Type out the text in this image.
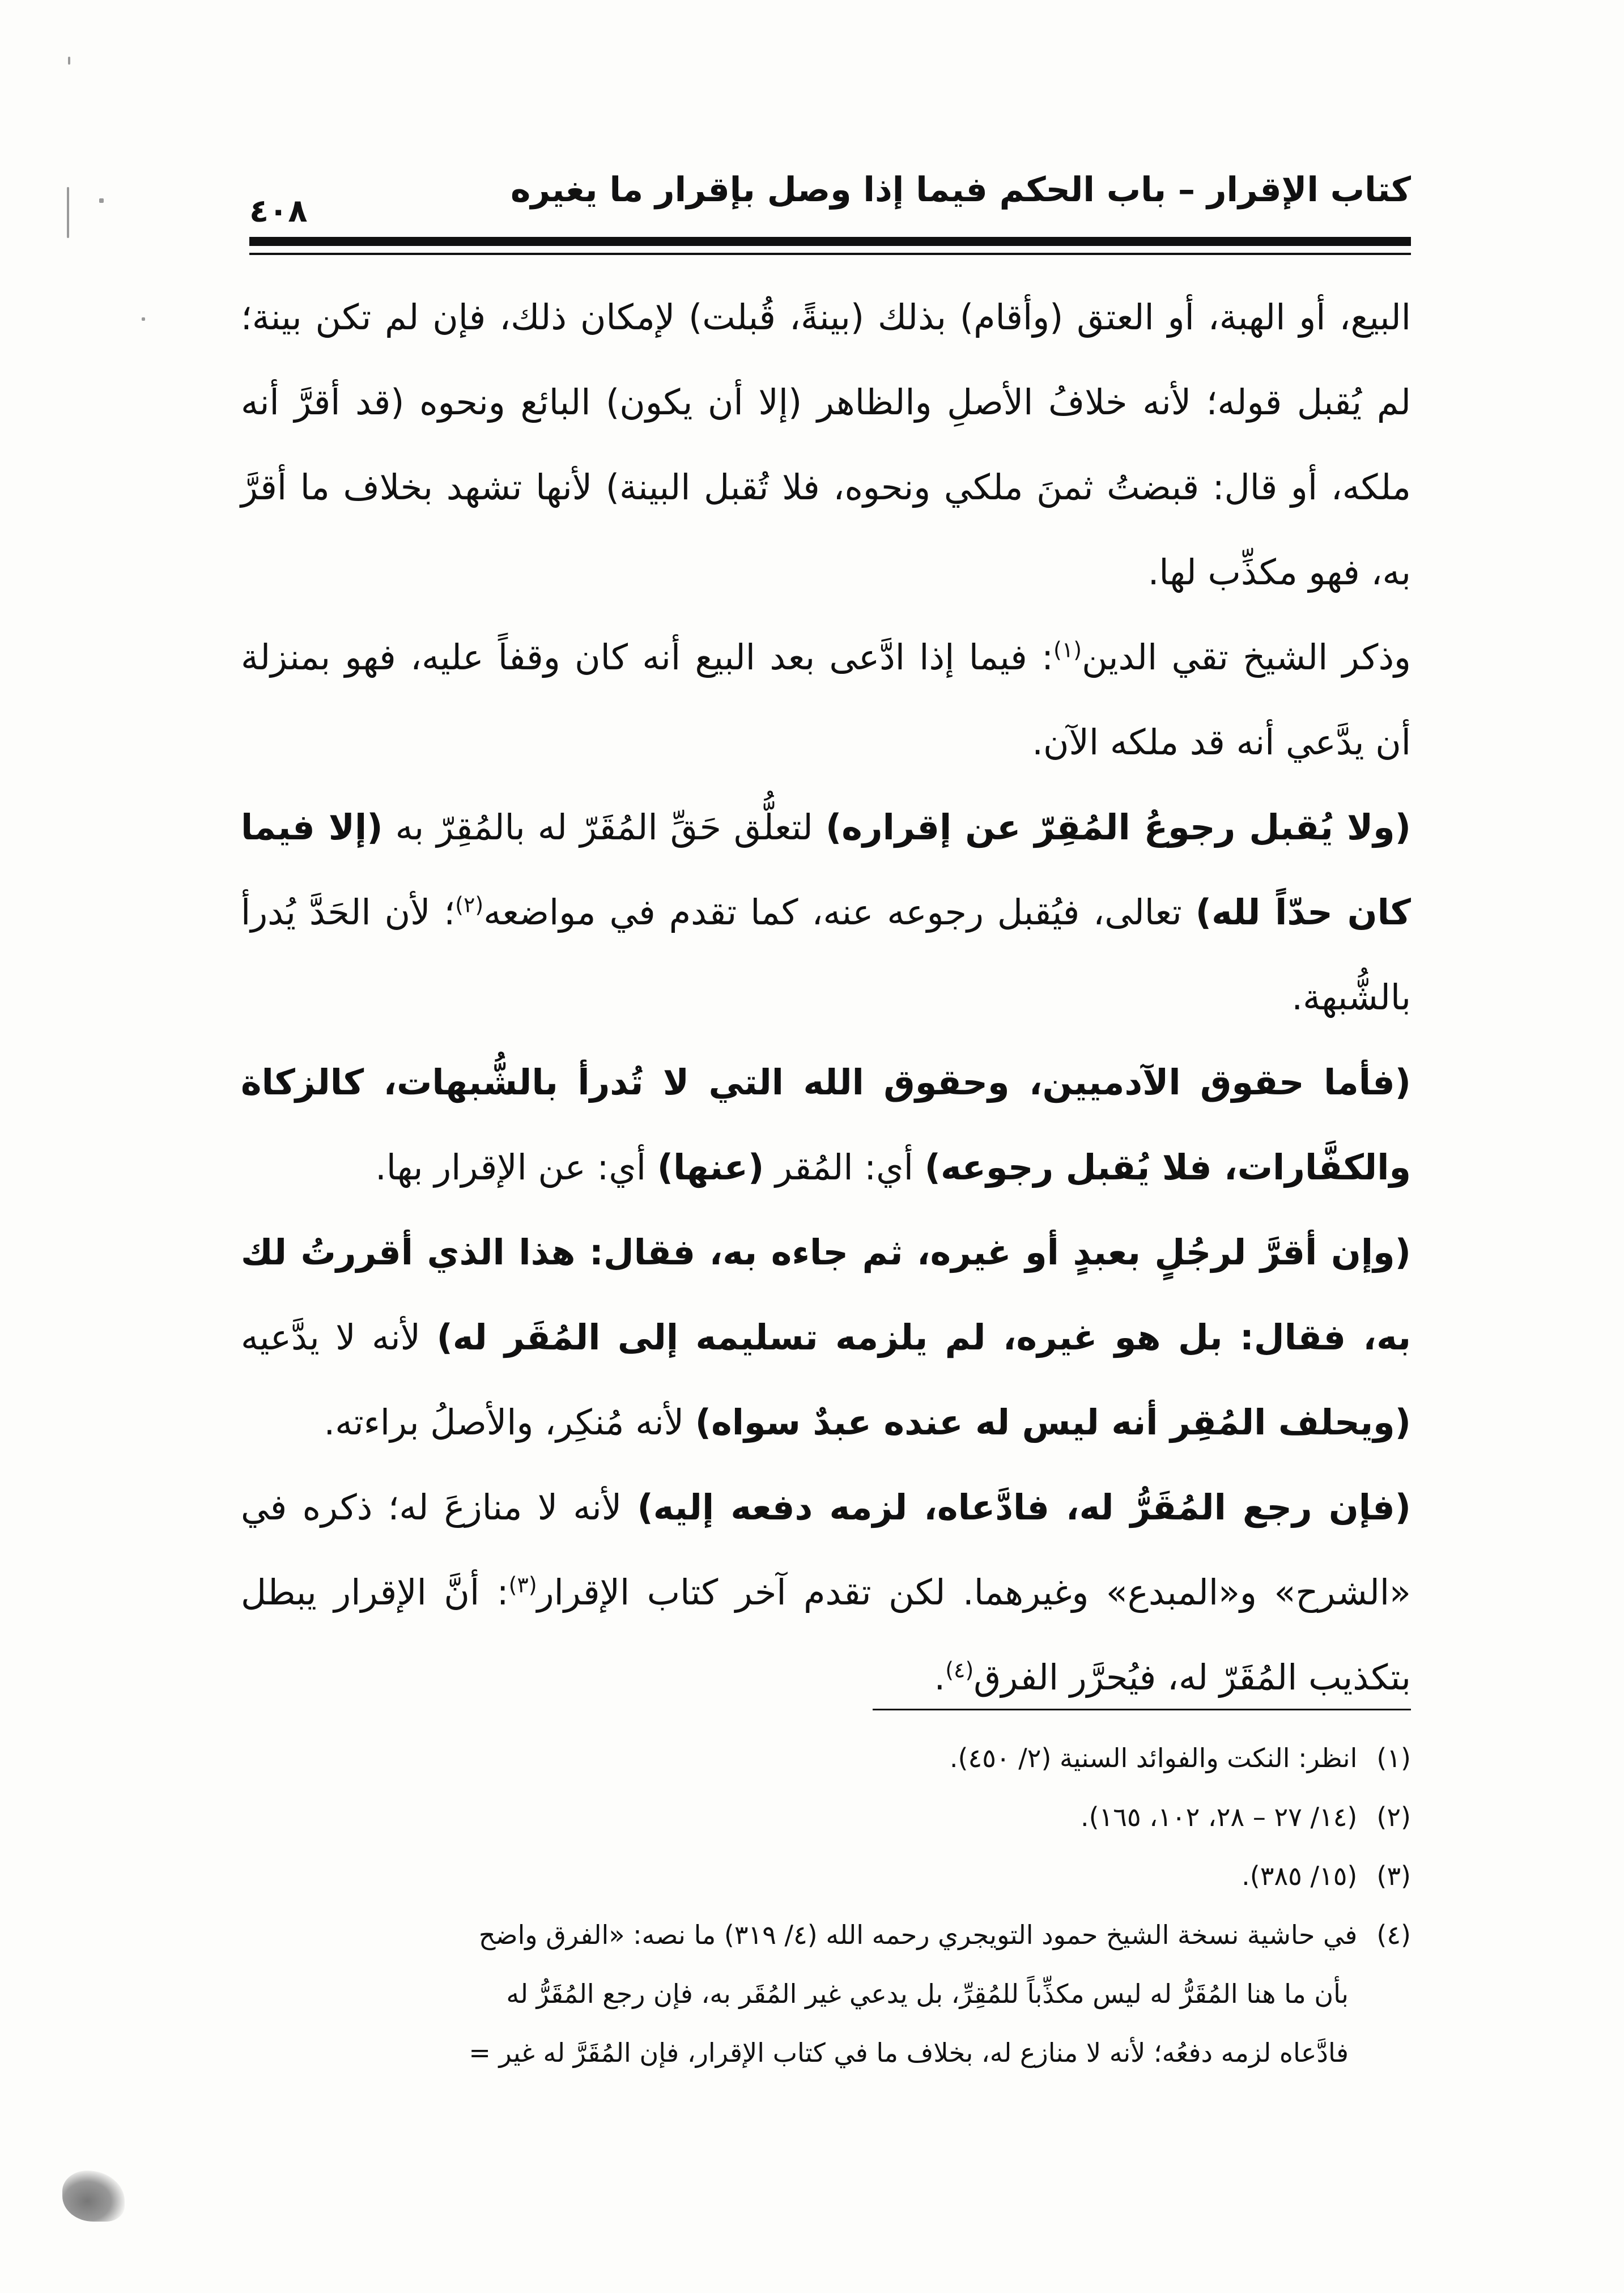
٤٠٨
كتاب الإقرار – باب الحكم فيما إذا وصل بإقرار ما يغيره

البيع، أو الهبة، أو العتق (وأقام) بذلك (بينةً، قُبلت) لإمكان ذلك، فإن لم تكن بينة؛ لم يُقبل قوله؛ لأنه خلافُ الأصلِ والظاهر (إلا أن يكون) البائع ونحوه (قد أقرَّ أنه ملكه، أو قال: قبضتُ ثمنَ ملكي ونحوه، فلا تُقبل البينة) لأنها تشهد بخلاف ما أقرَّ به، فهو مكذِّب لها.

وذكر الشيخ تقي الدين$^{(١)}$: فيما إذا ادَّعى بعد البيع أنه كان وقفاً عليه، فهو بمنزلة أن يدَّعي أنه قد ملكه الآن.

(ولا يُقبل رجوعُ المُقِرّ عن إقراره) لتعلُّق حَقِّ المُقَرّ له بالمُقِرّ به (إلا فيما كان حدّاً لله) تعالى، فيُقبل رجوعه عنه، كما تقدم في مواضعه$^{(٢)}$؛ لأن الحَدَّ يُدرأ بالشُّبهة.

(فأما حقوق الآدميين، وحقوق الله التي لا تُدرأ بالشُّبهات، كالزكاة والكفَّارات، فلا يُقبل رجوعه) أي: المُقر (عنها) أي: عن الإقرار بها.

(وإن أقرَّ لرجُلٍ بعبدٍ أو غيره، ثم جاءه به، فقال: هذا الذي أقررتُ لك به، فقال: بل هو غيره، لم يلزمه تسليمه إلى المُقَر له) لأنه لا يدَّعيه (ويحلف المُقِر أنه ليس له عنده عبدٌ سواه) لأنه مُنكِر، والأصلُ براءته.

(فإن رجع المُقَرُّ له، فادَّعاه، لزمه دفعه إليه) لأنه لا منازعَ له؛ ذكره في «الشرح» و«المبدع» وغيرهما. لكن تقدم آخر كتاب الإقرار$^{(٣)}$: أنَّ الإقرار يبطل بتكذيب المُقَرّ له، فيُحرَّر الفرق$^{(٤)}$.

(١) انظر: النكت والفوائد السنية (٢/ ٤٥٠).

(٢) (١٤/ ٢٧ – ٢٨، ١٠٢، ١٦٥).

(٣) (١٥/ ٣٨٥).

(٤) في حاشية نسخة الشيخ حمود التويجري رحمه الله (٤/ ٣١٩) ما نصه: «الفرق واضح

بأن ما هنا المُقَرُّ له ليس مكذِّباً للمُقِرِّ، بل يدعي غير المُقَر به، فإن رجع المُقَرُّ له

فادَّعاه لزمه دفعُه؛ لأنه لا منازع له، بخلاف ما في كتاب الإقرار، فإن المُقَرَّ له غير =
